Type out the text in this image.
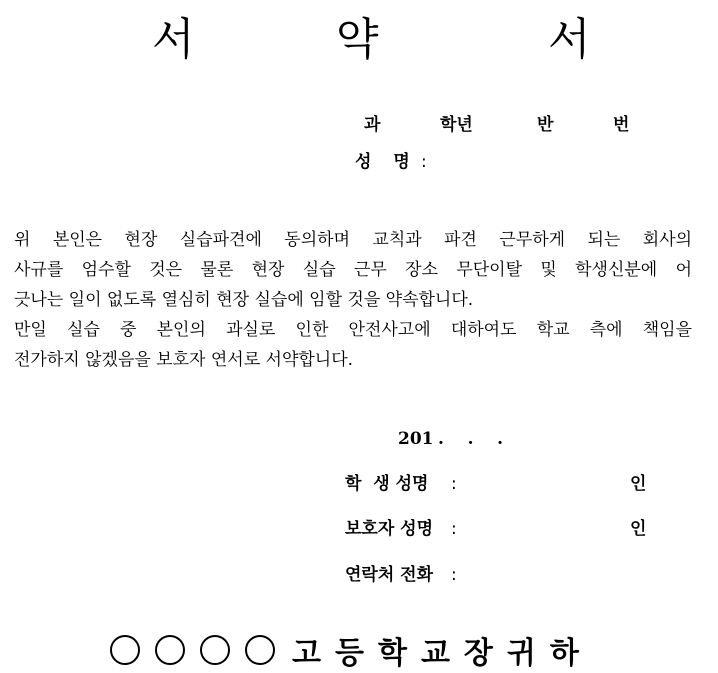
서	약	서
과	학년	반	번
성 명 :
위 본인은 현장 실습파견에 동의하며 교칙과 파견 근무하게 되는 회사의
사규를 엄수할 것은 물론 현장 실습 근무 장소 무단이탈 및 학생신분에 어
긋나는 일이 없도록 열심히 현장 실습에 임할 것을 약속합니다.
만일 실습 중 본인의 과실로 인한 안전사고에 대하여도 학교 측에 책임을
전가하지 않겠음을 보호자 연서로 서약합니다.
201 .    .    .
학  생 성명 :	인
보호자 성명 :	인
연락처 전화 :
고등학교장귀하
